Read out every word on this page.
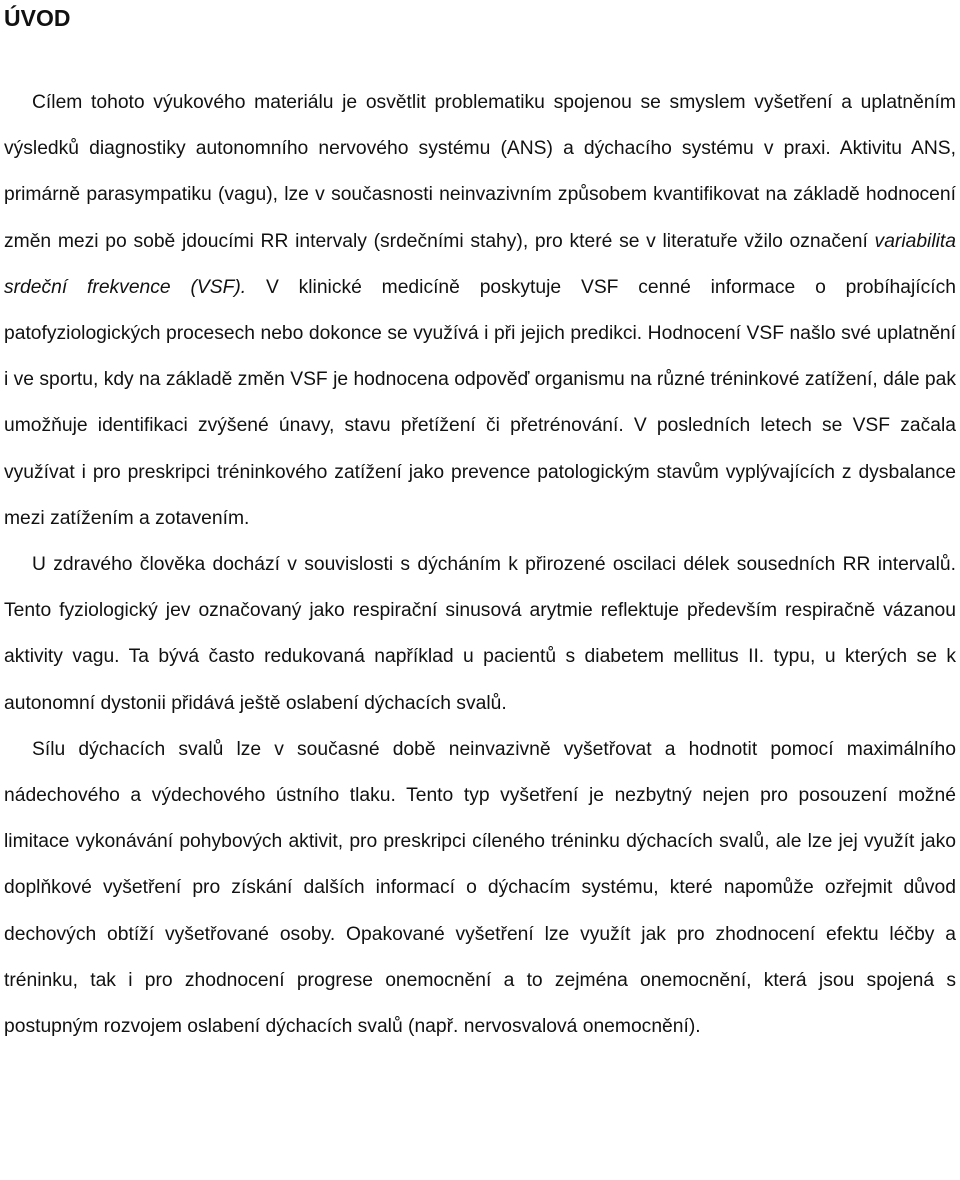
ÚVOD

Cílem tohoto výukového materiálu je osvětlit problematiku spojenou se smyslem vyšetření a uplatněním výsledků diagnostiky autonomního nervového systému (ANS) a dýchacího systému v praxi. Aktivitu ANS, primárně parasympatiku (vagu), lze v současnosti neinvazivním způsobem kvantifikovat na základě hodnocení změn mezi po sobě jdoucími RR intervaly (srdečními stahy), pro které se v literatuře vžilo označení variabilita srdeční frekvence (VSF). V klinické medicíně poskytuje VSF cenné informace o probíhajících patofyziologických procesech nebo dokonce se využívá i při jejich predikci. Hodnocení VSF našlo své uplatnění i ve sportu, kdy na základě změn VSF je hodnocena odpověď organismu na různé tréninkové zatížení, dále pak umožňuje identifikaci zvýšené únavy, stavu přetížení či přetrénování. V posledních letech se VSF začala využívat i pro preskripci tréninkového zatížení jako prevence patologickým stavům vyplývajících z dysbalance mezi zatížením a zotavením.

U zdravého člověka dochází v souvislosti s dýcháním k přirozené oscilaci délek sousedních RR intervalů. Tento fyziologický jev označovaný jako respirační sinusová arytmie reflektuje především respiračně vázanou aktivity vagu. Ta bývá často redukovaná například u pacientů s diabetem mellitus II. typu, u kterých se k autonomní dystonii přidává ještě oslabení dýchacích svalů.

Sílu dýchacích svalů lze v současné době neinvazivně vyšetřovat a hodnotit pomocí maximálního nádechového a výdechového ústního tlaku. Tento typ vyšetření je nezbytný nejen pro posouzení možné limitace vykonávání pohybových aktivit, pro preskripci cíleného tréninku dýchacích svalů, ale lze jej využít jako doplňkové vyšetření pro získání dalších informací o dýchacím systému, které napomůže ozřejmit důvod dechových obtíží vyšetřované osoby. Opakované vyšetření lze využít jak pro zhodnocení efektu léčby a tréninku, tak i pro zhodnocení progrese onemocnění a to zejména onemocnění, která jsou spojená s postupným rozvojem oslabení dýchacích svalů (např. nervosvalová onemocnění).
